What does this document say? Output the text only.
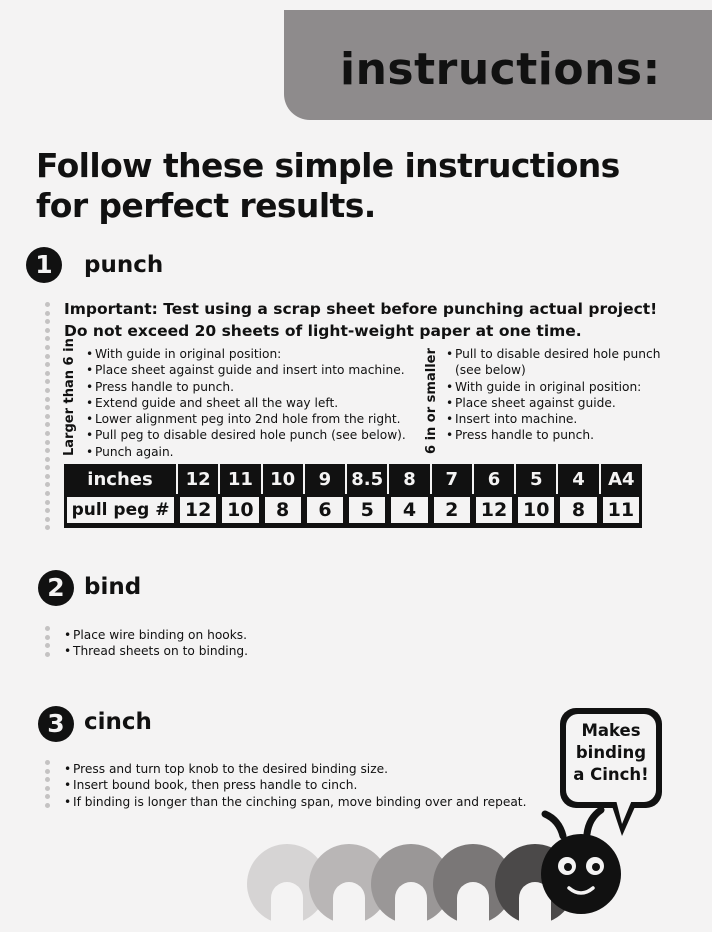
instructions:
Follow these simple instructions
for perfect results.
1	punch
Important: Test using a scrap sheet before punching actual project!
Do not exceed 20 sheets of light-weight paper at one time.
Larger than 6 in • With guide in original position:
• Place sheet against guide and insert into machine.
• Press handle to punch.
• Extend guide and sheet all the way left.
• Lower alignment peg into 2nd hole from the right.
• Pull peg to disable desired hole punch (see below).
• Punch again.	6 in or smaller • Pull to disable desired hole punch
(see below)
• With guide in original position:
• Place sheet against guide.
• Insert into machine.
• Press handle to punch.
inches	12	11	10	9	8.5	8	7	6	5	4	A4

pull peg #	12	10	8	6	5	4	2	12	10	8	11
2 bind
• Place wire binding on hooks.
• Thread sheets on to binding.
3 cinch
• Press and turn top knob to the desired binding size.
• Insert bound book, then press handle to cinch.
• If binding is longer than the cinching span, move binding over and repeat.
Makes
binding
a Cinch!
